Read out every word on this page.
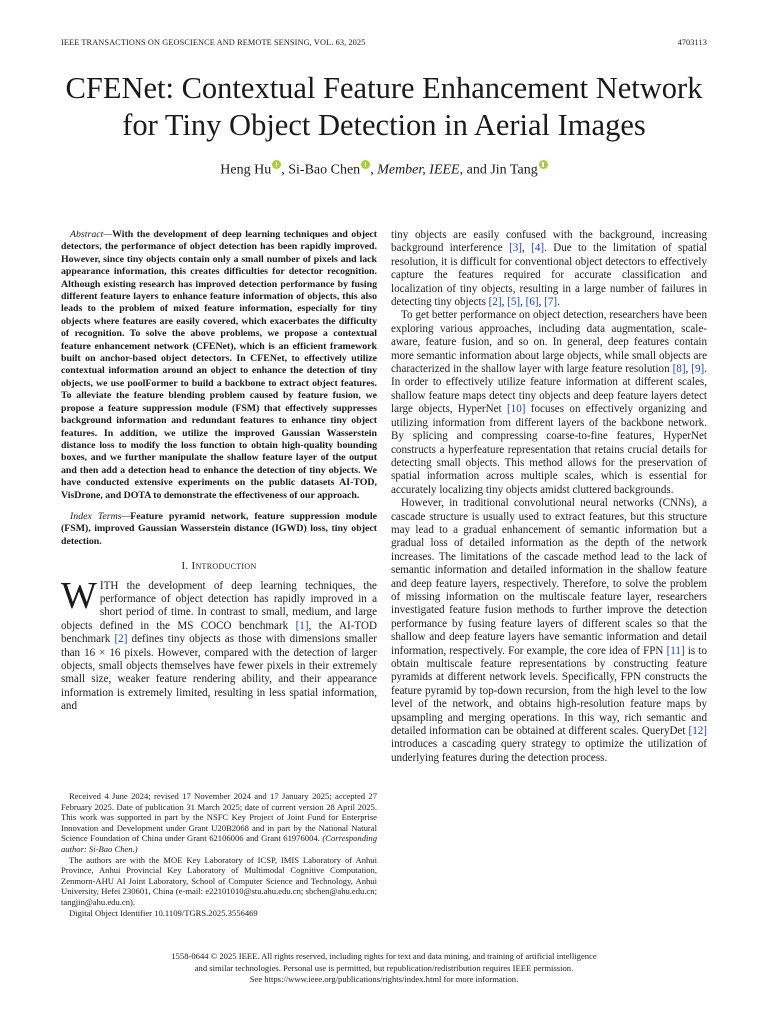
IEEE TRANSACTIONS ON GEOSCIENCE AND REMOTE SENSING, VOL. 63, 2025	4703113
CFENet: Contextual Feature Enhancement Network
for Tiny Object Detection in Aerial Images
Heng Hu , Si-Bao Chen , Member, IEEE, and Jin Tang

Abstract—With the development of deep learning techniques and object detectors, the performance of object detection has been rapidly improved. However, since tiny objects contain only a small number of pixels and lack appearance information, this creates difficulties for detector recognition. Although existing research has improved detection performance by fusing different feature layers to enhance feature information of objects, this also leads to the problem of mixed feature information, especially for tiny objects where features are easily covered, which exacerbates the difficulty of recognition. To solve the above problems, we propose a contextual feature enhancement network (CFENet), which is an efficient framework built on anchor-based object detectors. In CFENet, to effectively utilize contextual information around an object to enhance the detection of tiny objects, we use poolFormer to build a backbone to extract object features. To alleviate the feature blending problem caused by feature fusion, we propose a feature suppression module (FSM) that effectively suppresses background information and redundant features to enhance tiny object features. In addition, we utilize the improved Gaussian Wasserstein distance loss to modify the loss function to obtain high-quality bounding boxes, and we further manipulate the shallow feature layer of the output and then add a detection head to enhance the detection of tiny objects. We have conducted extensive experiments on the public datasets AI-TOD, VisDrone, and DOTA to demonstrate the effectiveness of our approach.

Index Terms—Feature pyramid network, feature suppression module (FSM), improved Gaussian Wasserstein distance (IGWD) loss, tiny object detection.

I. Introduction

WITH the development of deep learning techniques, the performance of object detection has rapidly improved in a short period of time. In contrast to small, medium, and large objects defined in the MS COCO benchmark [1], the AI-TOD benchmark [2] defines tiny objects as those with dimensions smaller than 16 × 16 pixels. However, compared with the detection of larger objects, small objects themselves have fewer pixels in their extremely small size, weaker feature rendering ability, and their appearance information is extremely limited, resulting in less spatial information, and

Received 4 June 2024; revised 17 November 2024 and 17 January 2025; accepted 27 February 2025. Date of publication 31 March 2025; date of current version 28 April 2025. This work was supported in part by the NSFC Key Project of Joint Fund for Enterprise Innovation and Development under Grant U20B2068 and in part by the National Natural Science Foundation of China under Grant 62106006 and Grant 61976004. (Corresponding author: Si-Bao Chen.)

The authors are with the MOE Key Laboratory of ICSP, IMIS Laboratory of Anhui Province, Anhui Provincial Key Laboratory of Multimodal Cognitive Computation, Zenmorn-AHU AI Joint Laboratory, School of Computer Science and Technology, Anhui University, Hefei 230601, China (e-mail: e22101010@stu.ahu.edu.cn; sbchen@ahu.edu.cn; tangjin@ahu.edu.cn).

Digital Object Identifier 10.1109/TGRS.2025.3556469

tiny objects are easily confused with the background, increasing background interference [3], [4]. Due to the limitation of spatial resolution, it is difficult for conventional object detectors to effectively capture the features required for accurate classification and localization of tiny objects, resulting in a large number of failures in detecting tiny objects [2], [5], [6], [7].

To get better performance on object detection, researchers have been exploring various approaches, including data augmentation, scale-aware, feature fusion, and so on. In general, deep features contain more semantic information about large objects, while small objects are characterized in the shallow layer with large feature resolution [8], [9]. In order to effectively utilize feature information at different scales, shallow feature maps detect tiny objects and deep feature layers detect large objects, HyperNet [10] focuses on effectively organizing and utilizing information from different layers of the backbone network. By splicing and compressing coarse-to-fine features, HyperNet constructs a hyperfeature representation that retains crucial details for detecting small objects. This method allows for the preservation of spatial information across multiple scales, which is essential for accurately localizing tiny objects amidst cluttered backgrounds.

However, in traditional convolutional neural networks (CNNs), a cascade structure is usually used to extract features, but this structure may lead to a gradual enhancement of semantic information but a gradual loss of detailed information as the depth of the network increases. The limitations of the cascade method lead to the lack of semantic information and detailed information in the shallow feature and deep feature layers, respectively. Therefore, to solve the problem of missing information on the multiscale feature layer, researchers investigated feature fusion methods to further improve the detection performance by fusing feature layers of different scales so that the shallow and deep feature layers have semantic information and detail information, respectively. For example, the core idea of FPN [11] is to obtain multiscale feature representations by constructing feature pyramids at different network levels. Specifically, FPN constructs the feature pyramid by top-down recursion, from the high level to the low level of the network, and obtains high-resolution feature maps by upsampling and merging operations. In this way, rich semantic and detailed information can be obtained at different scales. QueryDet [12] introduces a cascading query strategy to optimize the utilization of underlying features during the detection process.

1558-0644 © 2025 IEEE. All rights reserved, including rights for text and data mining, and training of artificial intelligence
and similar technologies. Personal use is permitted, but republication/redistribution requires IEEE permission.
See https://www.ieee.org/publications/rights/index.html for more information.
